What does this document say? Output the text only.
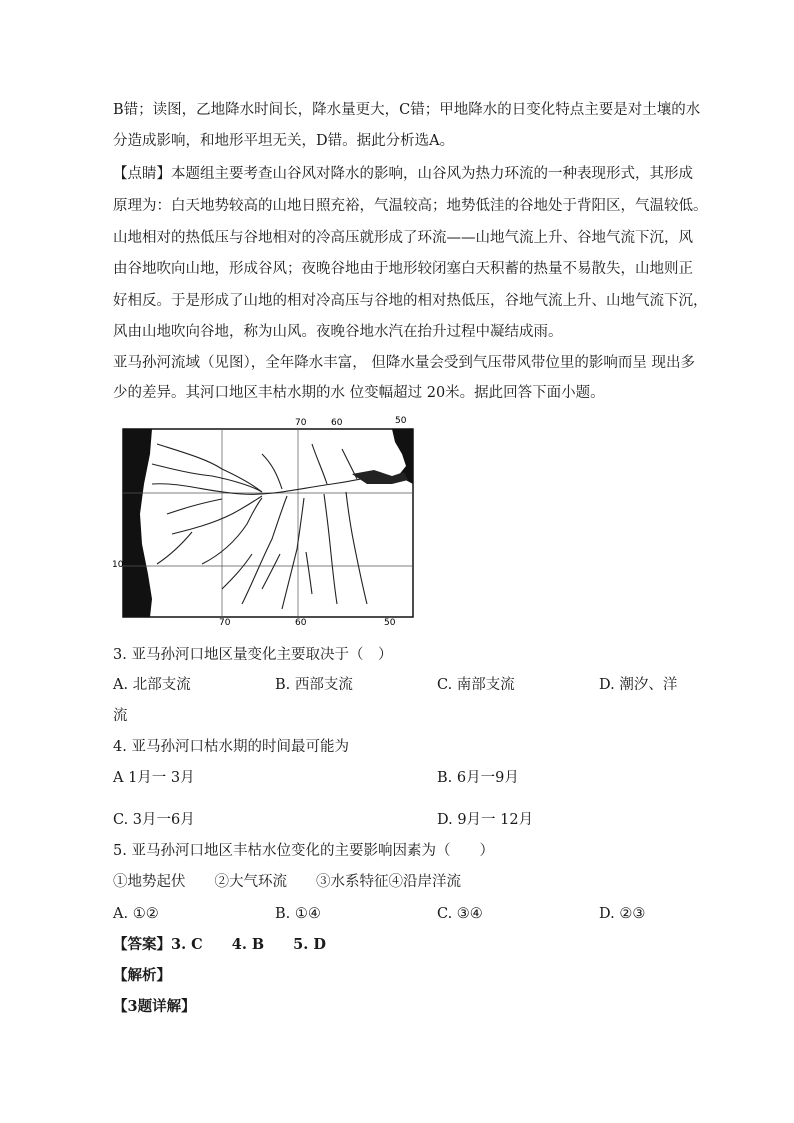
B错；读图，乙地降水时间长，降水量更大，C错；甲地降水的日变化特点主要是对土壤的水
分造成影响，和地形平坦无关，D错。据此分析选A。
【点睛】本题组主要考查山谷风对降水的影响，山谷风为热力环流的一种表现形式，其形成
原理为：白天地势较高的山地日照充裕，气温较高；地势低洼的谷地处于背阳区，气温较低。
山地相对的热低压与谷地相对的冷高压就形成了环流——山地气流上升、谷地气流下沉，风
由谷地吹向山地，形成谷风；夜晚谷地由于地形较闭塞白天积蓄的热量不易散失，山地则正
好相反。于是形成了山地的相对冷高压与谷地的相对热低压，谷地气流上升、山地气流下沉，
风由山地吹向谷地，称为山风。夜晚谷地水汽在抬升过程中凝结成雨。
亚马孙河流域（见图），全年降水丰富， 但降水量会受到气压带风带位里的影响而呈 现出多
少的差异。其河口地区丰枯水期的水 位变幅超过 20米。据此回答下面小题。
70	60	50
10
70	60	50
3. 亚马孙河口地区量变化主要取决于（　）
A. 北部支流	B. 西部支流	C. 南部支流	D. 潮汐、洋
流
4. 亚马孙河口枯水期的时间最可能为
A 1月一 3月	B. 6月一9月
C. 3月一6月	D. 9月一 12月
5. 亚马孙河口地区丰枯水位变化的主要影响因素为（　　）
①地势起伏　　②大气环流　　③水系特征④沿岸洋流
A. ①②	B. ①④	C. ③④	D. ②③
【答案】3. C　　4. B　　5. D
【解析】
【3题详解】
